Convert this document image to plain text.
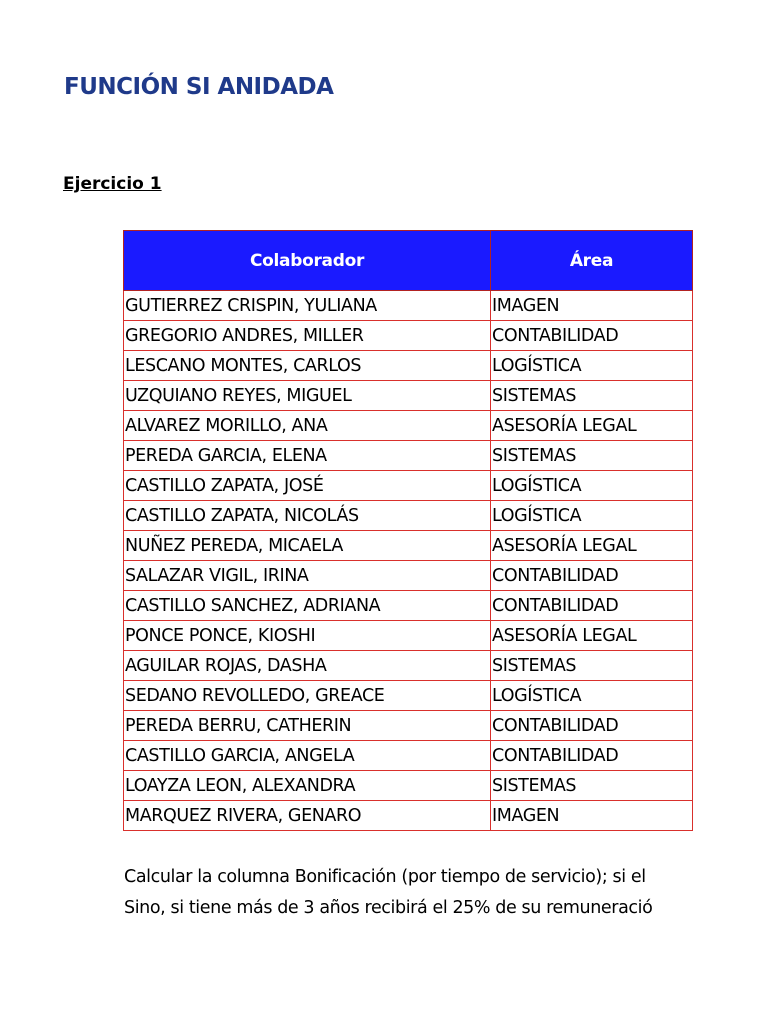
FUNCIÓN SI ANIDADA
Ejercicio 1
Colaborador	Área
GUTIERREZ CRISPIN, YULIANA	IMAGEN
GREGORIO ANDRES, MILLER	CONTABILIDAD
LESCANO MONTES, CARLOS	LOGÍSTICA
UZQUIANO REYES, MIGUEL	SISTEMAS
ALVAREZ MORILLO, ANA	ASESORÍA LEGAL
PEREDA GARCIA, ELENA	SISTEMAS
CASTILLO ZAPATA, JOSÉ	LOGÍSTICA
CASTILLO ZAPATA, NICOLÁS	LOGÍSTICA
NUÑEZ PEREDA, MICAELA	ASESORÍA LEGAL
SALAZAR VIGIL, IRINA	CONTABILIDAD
CASTILLO SANCHEZ, ADRIANA	CONTABILIDAD
PONCE PONCE, KIOSHI	ASESORÍA LEGAL
AGUILAR ROJAS, DASHA	SISTEMAS
SEDANO REVOLLEDO, GREACE	LOGÍSTICA
PEREDA BERRU, CATHERIN	CONTABILIDAD
CASTILLO GARCIA, ANGELA	CONTABILIDAD
LOAYZA LEON, ALEXANDRA	SISTEMAS
MARQUEZ RIVERA, GENARO	IMAGEN

Calcular la columna Bonificación (por tiempo de servicio); si el
Sino, si tiene más de 3 años recibirá el 25% de su remuneració
